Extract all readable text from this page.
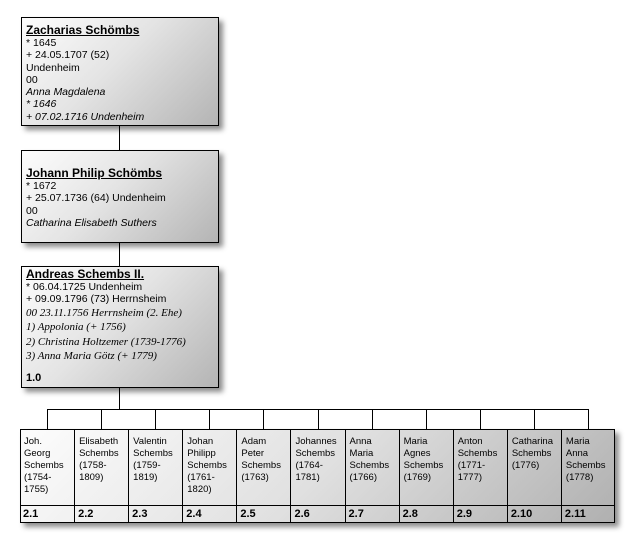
Zacharias Schömbs
* 1645
+ 24.05.1707 (52)
Undenheim
00
Anna Magdalena
* 1646
+ 07.02.1716 Undenheim
Johann Philip Schömbs
* 1672
+ 25.07.1736 (64) Undenheim
00
Catharina Elisabeth Suthers
Andreas Schembs II.
* 06.04.1725 Undenheim
+ 09.09.1796 (73) Herrnsheim
00 23.11.1756 Herrnsheim (2. Ehe)
1) Appolonia (+ 1756)
2) Christina Holtzemer (1739-1776)
3) Anna Maria Götz (+ 1779)
1.0
Joh.
Georg
Schembs
(1754-
1755)
2.1
Elisabeth
Schembs
(1758-
1809)
2.2
Valentin
Schembs
(1759-
1819)
2.3
Johan
Philipp
Schembs
(1761-
1820)
2.4
Adam
Peter
Schembs
(1763)
2.5
Johannes
Schembs
(1764-
1781)
2.6
Anna
Maria
Schembs
(1766)
2.7
Maria
Agnes
Schembs
(1769)
2.8
Anton
Schembs
(1771-
1777)
2.9
Catharina
Schembs
(1776)
2.10
Maria
Anna
Schembs
(1778)
2.11
